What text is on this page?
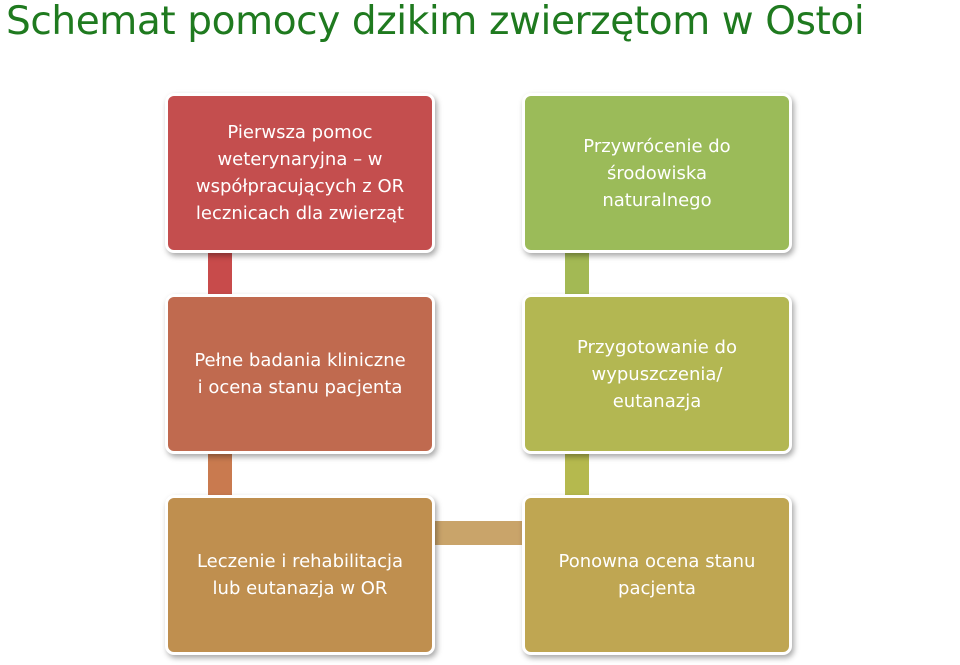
Schemat pomocy dzikim zwierzętom w Ostoi
Pierwsza pomoc
weterynaryjna – w
współpracujących z OR
lecznicach dla zwierząt
Przywrócenie do
środowiska
naturalnego
Pełne badania kliniczne
i ocena stanu pacjenta
Przygotowanie do
wypuszczenia/
eutanazja
Leczenie i rehabilitacja
lub eutanazja w OR
Ponowna ocena stanu
pacjenta
